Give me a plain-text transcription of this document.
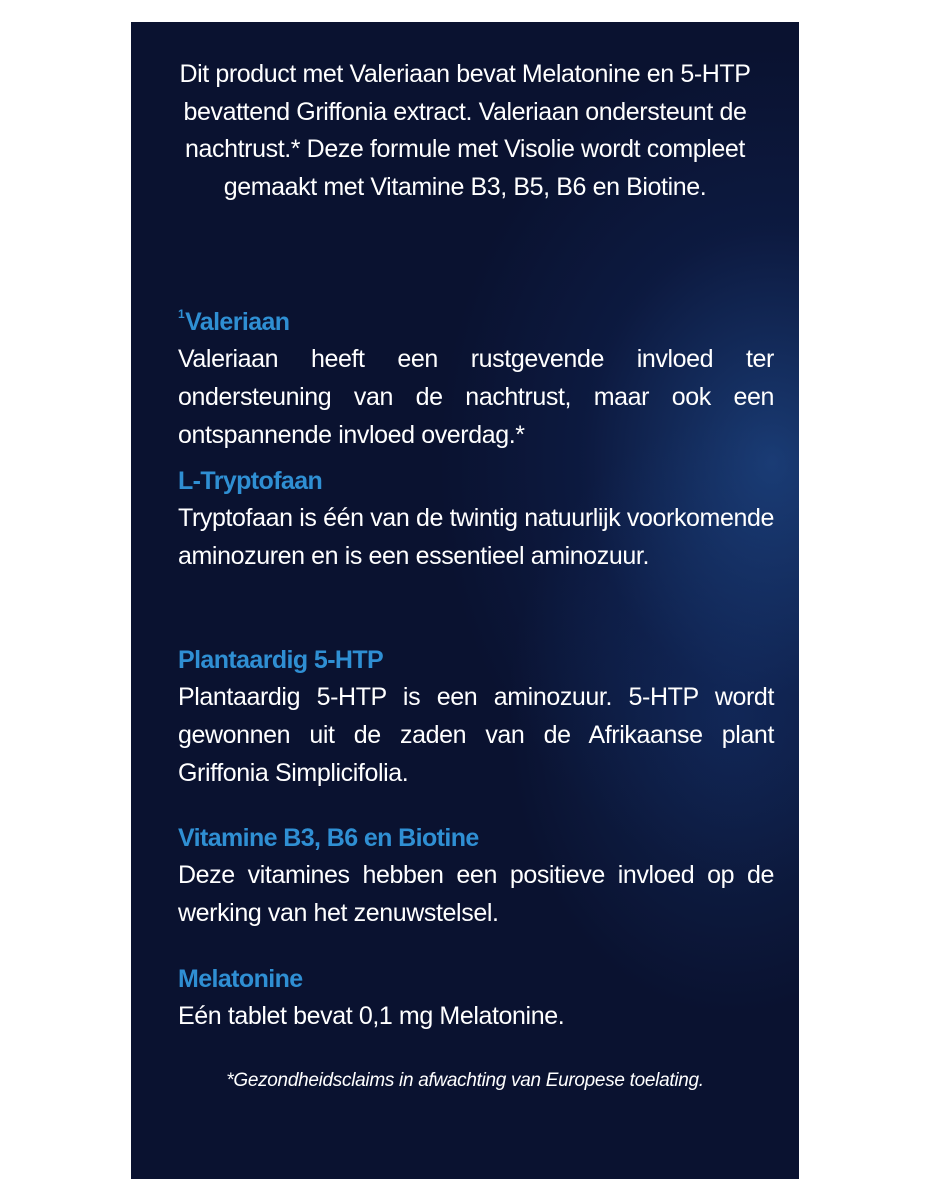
Dit product met Valeriaan bevat Melatonine en 5-HTP bevattend Griffonia extract. Valeriaan ondersteunt de nachtrust.* Deze formule met Visolie wordt compleet gemaakt met Vitamine B3, B5, B6 en Biotine.
$^1$Valeriaan
Valeriaan heeft een rustgevende invloed ter ondersteuning van de nachtrust, maar ook een ontspannende invloed overdag.*
L-Tryptofaan
Tryptofaan is één van de twintig natuurlijk voorkomende aminozuren en is een essentieel aminozuur.
Plantaardig 5-HTP
Plantaardig 5-HTP is een aminozuur. 5-HTP wordt gewonnen uit de zaden van de Afrikaanse plant Griffonia Simplicifolia.
Vitamine B3, B6 en Biotine
Deze vitamines hebben een positieve invloed op de werking van het zenuwstelsel.
Melatonine
Eén tablet bevat 0,1 mg Melatonine.
*Gezondheidsclaims in afwachting van Europese toelating.
